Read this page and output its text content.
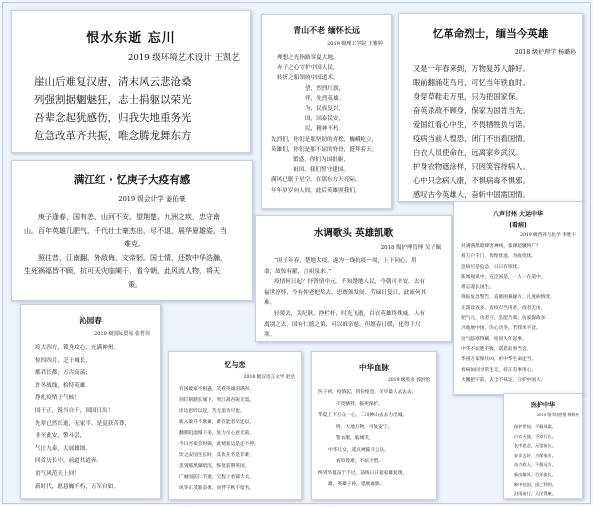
恨水东逝 忘川
2019 级环境艺术设计 王凯艺
崖山后难复汉唐，清末风云悲沧桑
列强割据魍魅狂，志士捐躯以荣光
吾辈念起犹感伤，归我失地重务光
危急改革齐共振，唯念腾龙舞东方
青山不老 缅怀长远
2019 级理工学院 王雅婷
理想之光指路穿夏大地，
赤子之心守护中国人民。
转折之船领统中国道术，
望，烈烈红旗，
伴，先烈英雄。
为，民族复兴，
国，国泰民安，
民，精神不朽。
先烈们，你们是那坚韧的青松，巍峨屹立，
英雄们，你们是那不屈的脊骨，挺拜着天。
繁盛，你们为国捐躯，
祖国，我们誓守建国。
满风已眠于星空，在那东方天亮际，
年年岁岁向人间，此后英雄照我们。
忆革命烈士，缅当今英雄
2018 级护理学 杨璐孙
又是一年春来到，万物复苏人静好。
眼前翻涌花鸟月，可忆当年铁血时。
身穿草鞋走万里，只为把国家保。
奋英杀敌不顾身，保家为国肯当先。
爱国红看心中生，不畏牺牲负与诺。
疫病当前人惶恐，闭门不出看国情。
白衣人员使命在，远离家乡武汉。
护身衣物遮涂样，只因笑容待病人。
心中只念病人康，不惧病毒不惧邪。
感叹古今英雄人，奋斩中国需国情。
满江红 · 忆庚子大疫有感
2019 级会计学 姜佑豪
庚子逢春，国有恙，山河不安。望荆楚、九洲之疾，忠守南
山。百年英雄几肥气，千代壮士豪杰出，尽不退，展华夏雄姿，当
难克。
照往昔，江南翻，外敌侮，文帝躬。国士情，还数中华浩瀚，
生死祸福皆不顾，抗可天灾临阑干，看今朝，此风流人物，将天
策。
水调歌头 英雄凯歌
2018 级护理管理 吴子佩
“庚子年春，楚地大疫。遂为一线抗疫一周，上下同心，用
命，故惊有献，言祖泉来。”
疫情何日起？抒肾情中元。不知楚地人民，今朝可辛安。去有
福世淳怀，今有仲老把奖去，思贾领发间。劳碌日复日，此流何其
难。
轻蔑去，关纪耿，挣栏杆，时光飞逝，白衣英雄终殊威。人有
离别之去，国有仁德之策，可以谁亲慈，但愿春日暖，化得千尺
寒。
八声甘州 大运中华
(看病)
2019 级营养与化学 李胜宇
对满满黑暗肆害神州，张肆超疆何广？
看万户千门，惊惶忧虑，为疫忧忧。
急病尽是危急，日日有惊忧。
新闻视讯中，宣泛国是，一人一在道中，
难忘漫长国生。
锋报危急警告，直被困兼疑方。几度病情变，
正泼诊查多，直疫有当用甚，疫者无由，
把气元，功者守，弘能乃策，仿家保政多
兴地展中国，决心功冬，若我凤不比。
这气临寒得刷，度同失年起事。
中华不屈胜不败，诺恩前事当会，
华国万家保住凶，祈中华生命还当。
看病如同寻常生无，持正有事用心。
大鹏把宇前，去尘不抹定，守护中国人。
沁园春
2019 级国际贸易 张哲伟
疫大四方，锁身攻心，充满神州。
惊四四月，乏于城长，
都君长都，万古高荡；
许冬战线，检特英雄。
挣扎疫情于气候！
国干正，锐当自千，围国日出！
先辈已然长逝，无家半，是觉获苦尊，
非至此安，警斗尝，
气让九泰，大展雄图，
回首历长中，前道共道奔。
语气风范天上回！
新时代，愿恳巍不朽，万军自如。
忆与恋
2018 级汉语言文学 赵浩
有国破家不相遇，笑看英雄泪满衫。
剑钉朝踏长城下，突江战吞锐无需。
岸边思吟以起，苦尤追为尽也。
新入梁升不欺兼，难在能者尽还以，
翻那阻湿城下来，复力尽心意无前。
今日吾辈会时频，此情复运是还不停。
饮之安国生长时，其仇在名是非难，
忽到那黑湖暗沉，恢复前期英国，
广丽国防仁节迷，宝程上看铺大关，
风华正茂谁奋勇，同伴千秋不留名。
中华血脉
2019 级英语 郭洪怡
医子初，疫情起，四份惶恐，羊亭最人去去去。
不畏牺牲，临死保护，
华夏上下万众一心，二川神山去去力出城。
终，大地万物，可复安宁。
警衣服，临城笑，
中华儿女，遥点神鼓斗公认。
看似曾难，不屈不惜。
终到华夏奋于不过，前线日日爱家雄复现，
雄，英雄子孙，延展血脉。
医护中华
2019 级市场营销 韩林亦
保护世间，不顾风霜。
白衣天使，不辱行长。
长中思念，无望前长。
安详去好，为保家乡。
奋力救人，不惧远方。
新出雄风，百年流长。
断中挂国，国之利剑。
泪雨前行，人民得康。
